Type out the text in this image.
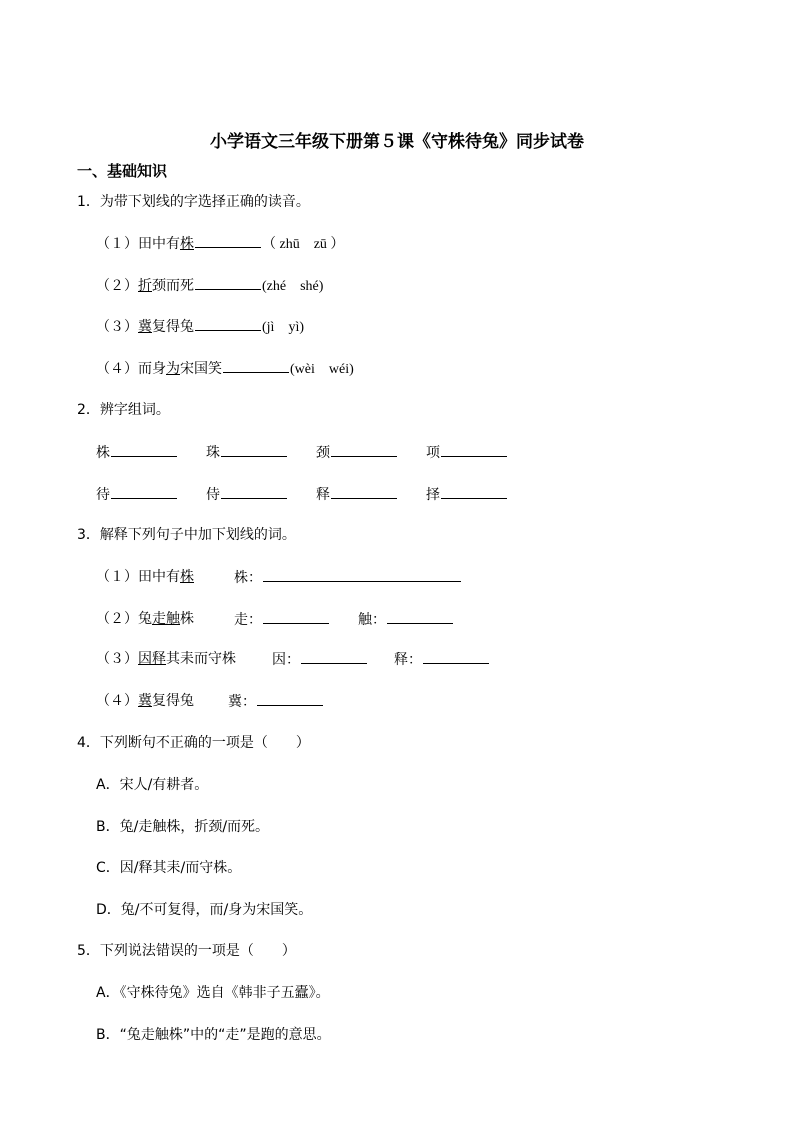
小学语文三年级下册第５课《守株待兔》同步试卷
一、基础知识
1．为带下划线的字选择正确的读音。
（１）田中有株	（ zhū　zū ）
（２）折颈而死	(zhé　shé)
（３）冀复得兔	(jì　yì)
（４）而身为宋国笑	(wèi　wéi)
2．辨字组词。
株	珠	颈	项
待	侍	释	择
3．解释下列句子中加下划线的词。
（１）田中有株	株：
（２）兔走触株	走：	触：
（３）因释其耒而守株	因：	释：
（４）冀复得兔 冀：
4．下列断句不正确的一项是（　　）
A．宋人/有耕者。
B．兔/走触株，折颈/而死。
C．因/释其耒/而守株。
D．兔/不可复得，而/身为宋国笑。
5．下列说法错误的一项是（　　）
A．《守株待兔》选自《韩非子五蠹》。
B．“兔走触株”中的“走”是跑的意思。
